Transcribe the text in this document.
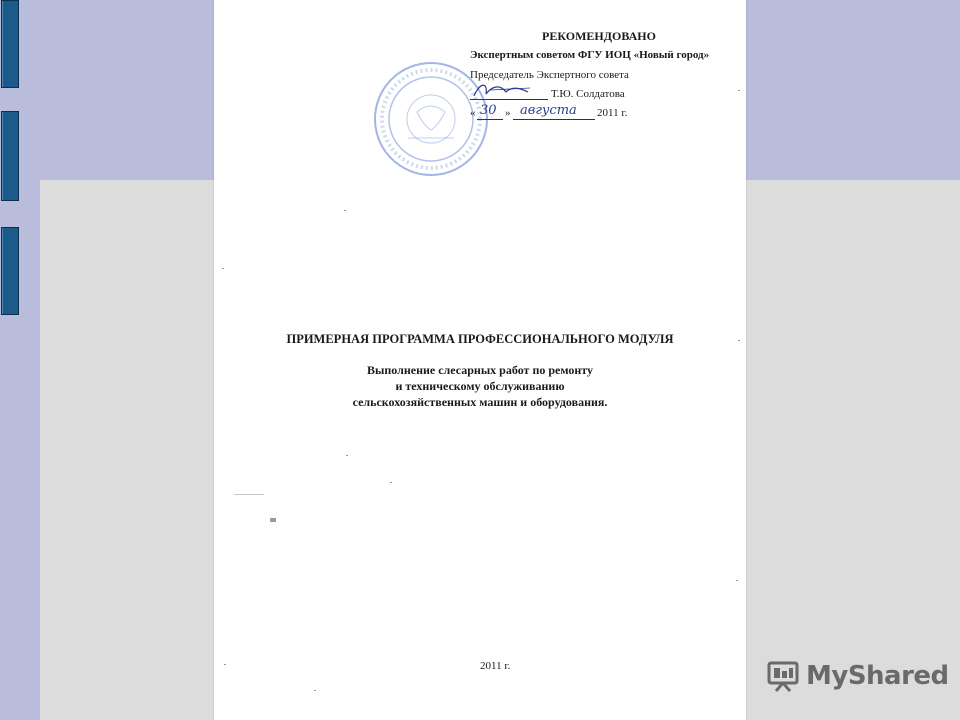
РЕКОМЕНДОВАНО
Экспертным советом ФГУ ИОЦ «Новый город»
Председатель Экспертного совета
Т.Ю. Солдатова
« 30 » августа 2011 г.
ПРИМЕРНАЯ ПРОГРАММА ПРОФЕССИОНАЛЬНОГО МОДУЛЯ
Выполнение слесарных работ по ремонту
и техническому обслуживанию
сельскохозяйственных машин и оборудования.
2011 г.	MyShared
